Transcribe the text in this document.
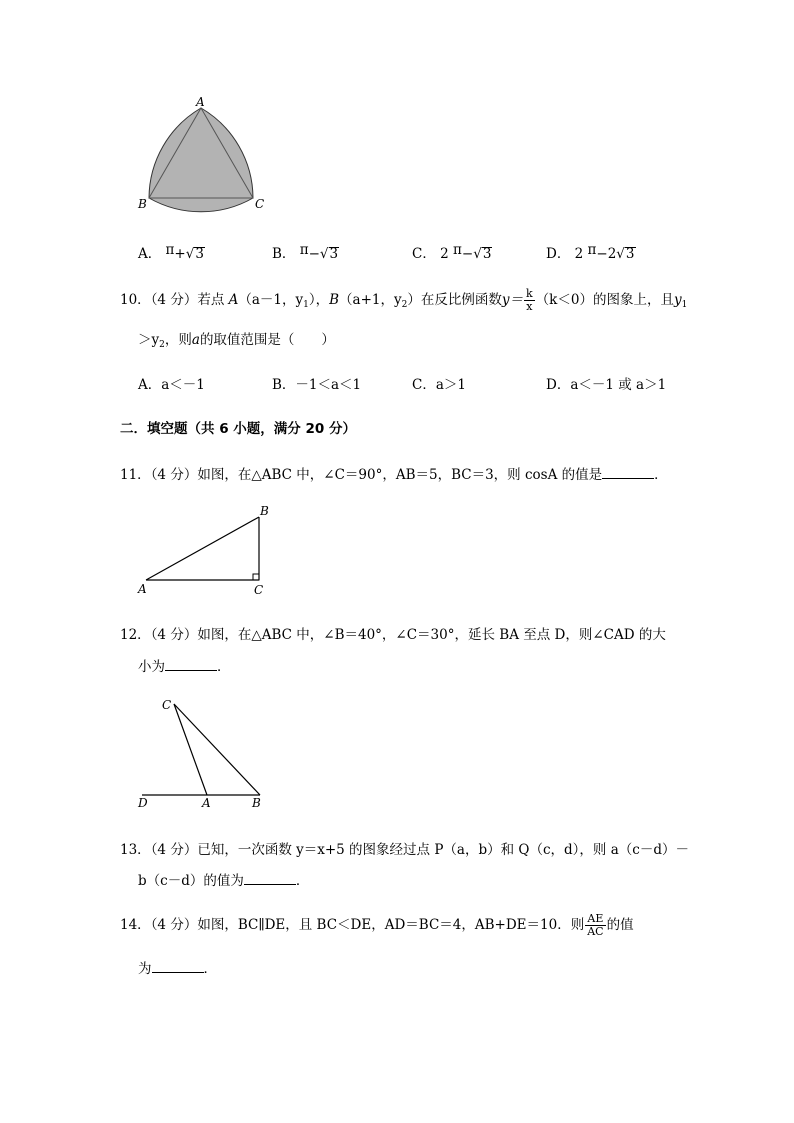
A
B	C
A． π+√3	B． π−√3	C． 2 π−√3	D． 2 π−2√3
10．（4 分）若点 A（a－1，$y_1$），B（a+1，$y_2$）在反比例函数$y= \frac{k}{x} (k<0)$的图象上，且$y_1$
$>y_2$，则a的取值范围是（　　）
A．a＜－1	B．－1＜a＜1	C．a＞1	D．a＜－1 或 a＞1
二．填空题（共 6 小题，满分 20 分）
11．（4 分）如图，在△ABC 中，∠C＝90°，AB＝5，BC＝3，则 cosA 的值是	．
A
B
C
12．（4 分）如图，在△ABC 中，∠B＝40°，∠C＝30°，延长 BA 至点 D，则∠CAD 的大
小为	．
C
D	A	B
13．（4 分）已知，一次函数 y＝x+5 的图象经过点 P（a，b）和 Q（c，d），则 a（c－d）－
b（c－d）的值为	．
14．（4 分）如图，BC∥DE，且 BC＜DE，AD＝BC＝4，AB+DE＝10．则 $\frac{AE}{AC}$ 的值
为	．
